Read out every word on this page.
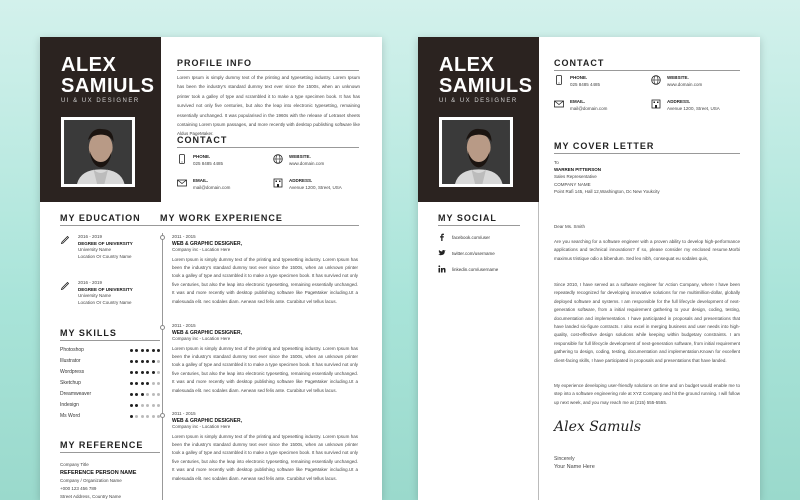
ALEX
SAMIULS
UI & UX DESIGNER
PROFILE INFO
Lorem Ipsum is simply dummy text of the printing and typesetting industry. Lorem Ipsum has been the industry's standard dummy text ever since the 1500s, when an unknown printer took a galley of type and scrambled it to make a type specimen book. It has has survived not only five centuries, but also the leap into electronic typesetting, remaining essentially unchanged. It was popularised in the 1960s with the release of Letraset sheets containing Lorem Ipsum passages, and more recently with desktop publishing software like Aldus PageMaker.
CONTACT
PHONE.
025 8485 4485
WEBSITE.
www.domain.com
EMAIL.
mail@domain.com
ADDRESS.
Avenue 1200, Street, USA
MY EDUCATION
2016 - 2019
DEGREE OF UNIVERSITY
University Name
Location Or Country Name
2016 - 2019
DEGREE OF UNIVERSITY
University Name
Location Or Country Name
MY SKILLS
Photoshop
Illustrator
Wordpress
Sketchup
Dreamweaver
Indesign
Ms Word
MY REFERENCE
Company Title
REFERENCE PERSON NAME
Company / Organization Name
+000 123 456 789
Street Address, Country Name
MY WORK EXPERIENCE
2011 - 2015
WEB & GRAPHIC DESIGNER,
Company inc - Location Here
Lorem Ipsum is simply dummy text of the printing and typesetting industry. Lorem Ipsum has been the industry's standard dummy text ever since the 1500s, when an unknown printer took a galley of type and scrambled it to make a type specimen book. It has survived not only five centuries, but also the leap into electronic typesetting, remaining essentially unchanged. It was and more recently with desktop publishing software like PageMaker including.Ut a malesuada elit. nec sodales diam. Aenean sed felis ante. Curabitur vel tellus lacus.
2011 - 2015
WEB & GRAPHIC DESIGNER,
Company inc - Location Here
Lorem Ipsum is simply dummy text of the printing and typesetting industry. Lorem Ipsum has been the industry's standard dummy text ever since the 1500s, when an unknown printer took a galley of type and scrambled it to make a type specimen book. It has survived not only five centuries, but also the leap into electronic typesetting, remaining essentially unchanged. It was and more recently with desktop publishing software like PageMaker including.Ut a malesuada elit. nec sodales diam. Aenean sed felis ante. Curabitur vel tellus lacus.
2011 - 2015
WEB & GRAPHIC DESIGNER,
Company inc - Location Here
Lorem Ipsum is simply dummy text of the printing and typesetting industry. Lorem Ipsum has been the industry's standard dummy text ever since the 1500s, when an unknown printer took a galley of type and scrambled it to make a type specimen book. It has survived not only five centuries, but also the leap into electronic typesetting, remaining essentially unchanged. It was and more recently with desktop publishing software like PageMaker including.Ut a malesuada elit. nec sodales diam. Aenean sed felis ante. Curabitur vel tellus lacus.
ALEX
SAMIULS
UI & UX DESIGNER
CONTACT
PHONE.
025 8485 4485
WEBSITE.
www.domain.com
EMAIL.
mail@domain.com
ADDRESS.
Avenue 1200, Street, USA
MY SOCIAL
facebook.com/user
twitter.com/username
linkedin.com/username
MY COVER LETTER
To
WARREN PITTERSON
Sales Representative
COMPANY NAME
Point Rafi 145, Hall 12,Washington, Dc New Youkcity
Dear Ms. Smith
Are you searching for a software engineer with a proven ability to develop high-performance applications and technical innovations? If so, please consider my enclosed resume.Morbi maximus tristique odio a bibendum. Sed leo nibh, consequat eu sodales quis,
Since 2010, I have served as a software engineer for Action Company, where I have been repeatedly recognized for developing innovative solutions for me multimillion-dollar, globally deployed software and systems. I am responsible for the full lifecycle development of next-generation software, from a initial requirement gathering to your design, coding, testing, documentation and implementation. I have participated in proposals and presentations that have landed six-figure contracts. I also excel in merging business and user needs into high-quality, cost-effective design solutions while keeping within budgetary constraints. I am responsible for full lifecycle development of next-generation software, from initial requirement gathering to design, coding, testing, documentation and implementation.Known for excellent client-facing skills, I have participated in proposals and presentations that have landed.
My experience developing user-friendly solutions on time and on budget would enable me to step into a software engineering role at XYZ Company and hit the ground running. I will follow up next week, and you may reach me at (215) 555-5555.
Alex Samuls
Sincerely
Your Name Here
